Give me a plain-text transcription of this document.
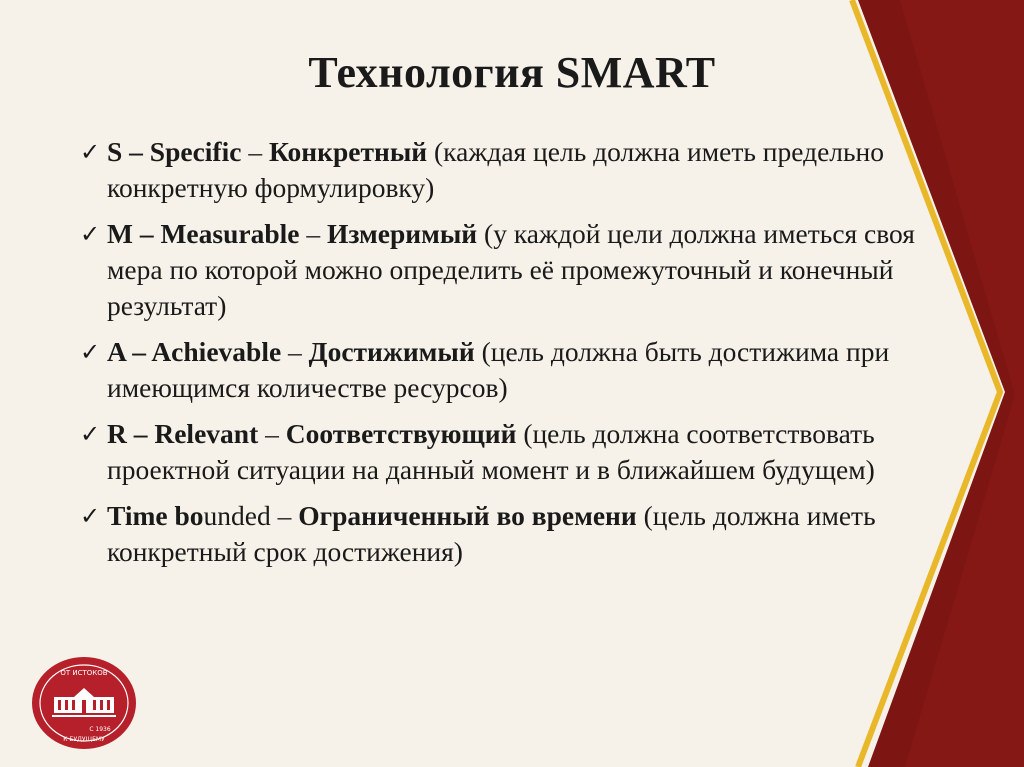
Технология SMART
✓ S – Specific – Конкретный (каждая цель должна иметь предельно конкретную формулировку)
✓ M – Measurable – Измеримый (у каждой цели должна иметься своя мера по которой можно определить её промежуточный и конечный результат)
✓ A – Achievable – Достижимый (цель должна быть достижима при имеющимся количестве ресурсов)
✓ R – Relevant – Соответствующий (цель должна соответствовать проектной ситуации на данный момент и в ближайшем будущем)
✓ Time bounded – Ограниченный во времени (цель должна иметь конкретный срок достижения)
ОТ ИСТОКОВ
С 1936
К БУДУЩЕМУ
